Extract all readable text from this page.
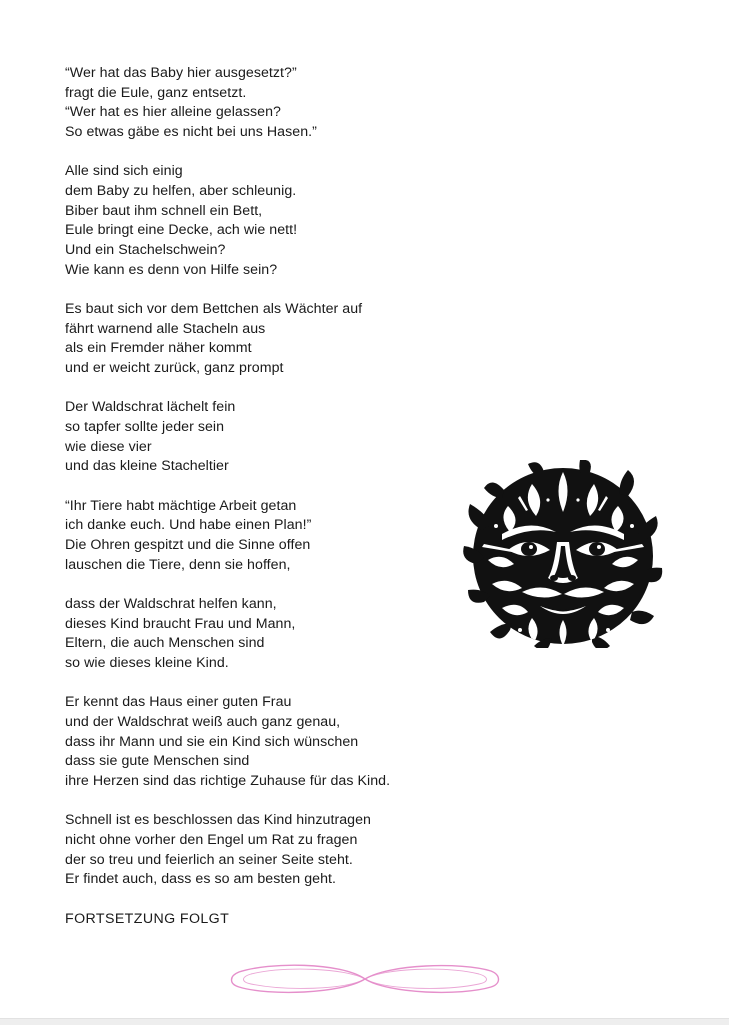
“Wer hat das Baby hier ausgesetzt?”
fragt die Eule, ganz entsetzt.
“Wer hat es hier alleine gelassen?
So etwas gäbe es nicht bei uns Hasen.”
Alle sind sich einig
dem Baby zu helfen, aber schleunig.
Biber baut ihm schnell ein Bett,
Eule bringt eine Decke, ach wie nett!
Und ein Stachelschwein?
Wie kann es denn von Hilfe sein?
Es baut sich vor dem Bettchen als Wächter auf
fährt warnend alle Stacheln aus
als ein Fremder näher kommt
und er weicht zurück, ganz prompt
Der Waldschrat lächelt fein
so tapfer sollte jeder sein
wie diese vier
und das kleine Stacheltier
“Ihr Tiere habt mächtige Arbeit getan
ich danke euch. Und habe einen Plan!”
Die Ohren gespitzt und die Sinne offen
lauschen die Tiere, denn sie hoffen,
dass der Waldschrat helfen kann,
dieses Kind braucht Frau und Mann,
Eltern, die auch Menschen sind
so wie dieses kleine Kind.
Er kennt das Haus einer guten Frau
und der Waldschrat weiß auch ganz genau,
dass ihr Mann und sie ein Kind sich wünschen
dass sie gute Menschen sind
ihre Herzen sind das richtige Zuhause für das Kind.
Schnell ist es beschlossen das Kind hinzutragen
nicht ohne vorher den Engel um Rat zu fragen
der so treu und feierlich an seiner Seite steht.
Er findet auch, dass es so am besten geht.
FORTSETZUNG FOLGT
